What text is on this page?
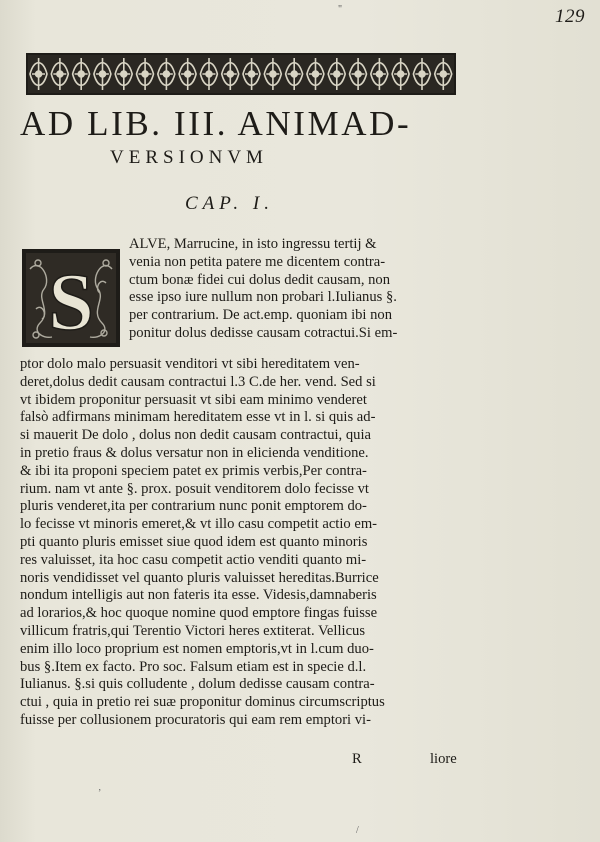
"	129
AD LIB. III. ANIMAD-
VERSIONVM
CAP. I.
S
ALVE, Marrucine, in isto ingressu tertij &
venia non petita patere me dicentem contra-
ctum bonæ fidei cui dolus dedit causam, non
esse ipso iure nullum non probari l.Iulianus §.
per contrarium. De act.emp. quoniam ibi non
ponitur dolus dedisse causam cotractui.Si em-
ptor dolo malo persuasit venditori vt sibi hereditatem ven-
deret,dolus dedit causam contractui l.3 C.de her. vend. Sed si
vt ibidem proponitur persuasit vt sibi eam minimo venderet
falsò adfirmans minimam hereditatem esse vt in l. si quis ad-
si mauerit De dolo , dolus non dedit causam contractui, quia
in pretio fraus & dolus versatur non in elicienda venditione.
& ibi ita proponi speciem patet ex primis verbis,Per contra-
rium. nam vt ante §. prox. posuit venditorem dolo fecisse vt
pluris venderet,ita per contrarium nunc ponit emptorem do-
lo fecisse vt minoris emeret,& vt illo casu competit actio em-
pti quanto pluris emisset siue quod idem est quanto minoris
res valuisset, ita hoc casu competit actio venditi quanto mi-
noris vendidisset vel quanto pluris valuisset hereditas.Burrice
nondum intelligis aut non fateris ita esse. Videsis,damnaberis
ad lorarios,& hoc quoque nomine quod emptore fingas fuisse
villicum fratris,qui Terentio Victori heres extiterat. Vellicus
enim illo loco proprium est nomen emptoris,vt in l.cum duo-
bus §.Item ex facto. Pro soc. Falsum etiam est in specie d.l.
Iulianus. §.si quis colludente , dolum dedisse causam contra-
ctui , quia in pretio rei suæ proponitur dominus circumscriptus
fuisse per collusionem procuratoris qui eam rem emptori vi-
R	liore
ʼ
/
